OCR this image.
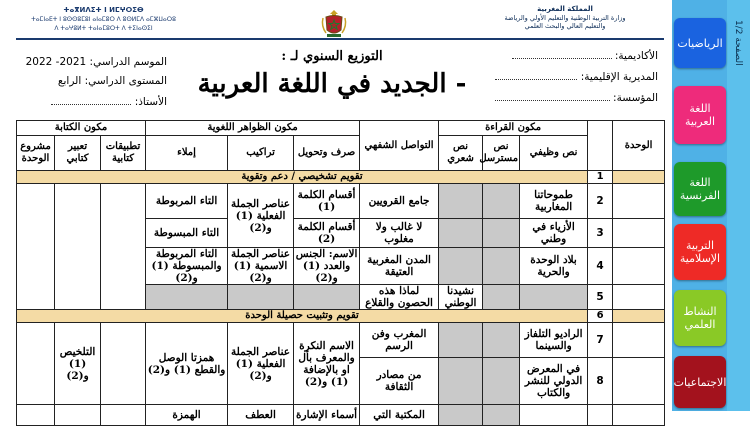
ⵜⴰⴳⵍⴷⵉⵜ ⵏ ⵍⵎⵖⵔⵉⴱ
ⵜⴰⵎⵏⴰⴹⵜ ⵏ ⵓⵙⵙⵓⵎⵓⵏ ⴰⵏⴰⵎⵓⵔ ⴷ ⵓⵙⵍⵎⴷ ⴰⵎⵣⵡⴰⵔⵓ
ⴷ ⵜⴰⵖⵓⵍⵜ ⵜⴰⵏⴰⵎⵓⵔⵜ ⴷ ⵜⵉⵏⴰⵙⵉⵏ
المملكة المغربية
وزارة التربية الوطنية والتعليم الأولي والرياضة
والتعليم العالي والبحث العلمي
التوزيع السنوي لـ :
- الجديد في اللغة العربية
الأكاديمية:
المديرية الإقليمية:
المؤسسة:
الموسم الدراسي: 2021- 2022
المستوى الدراسي: الرابع
الأستاذ:
الوحدة		مكون القراءة			التواصل الشفهي	مكون الظواهر اللغوية			مكون الكتابة		
		نص وظيفي	نص مسترسل	نص شعري		صرف وتحويل	تراكيب	إملاء	تطبيقات كتابية	تعبير كتابي	مشروع الوحدة
	1	تقويم تشخيصي / دعم وتقوية									
	2	طموحاتنا المغاربية			جامع القرويين	أقسام الكلمة (1)	عناصر الجملة الفعلية (1) و(2)	التاء المربوطة			
	3	الأزياء في وطني			لا غالب ولا مغلوب	أقسام الكلمة (2)		التاء المبسوطة			
	4	بلاد الوحدة والحرية			المدن المغربية العتيقة	الاسم: الجنس والعدد (1) و(2)	عناصر الجملة الاسمية (1) و(2)	التاء المربوطة والمبسوطة (1) و(2)			
	5			نشيدنا الوطني	لماذا هذه الحصون والقلاع						
	6	تقويم وتثبيت حصيلة الوحدة									
	7	الراديو التلفاز والسينما			المغرب وفن الرسم	الاسم النكرة والمعرف بأل او بالإضافة (1) و(2)	عناصر الجملة الفعلية (1) و(2)	همزتا الوصل والقطع (1) و(2)		التلخيص (1) و(2)	
	8	في المعرض الدولي للنشر والكتاب			من مصادر الثقافة						
					المكتبة التي	أسماء الإشارة	العطف	الهمزة			
الصفحة 1/2
الرياضيات
اللغة العربية
اللغة الفرنسية
التربية الإسلامية
النشاط العلمي
الاجتماعيات
